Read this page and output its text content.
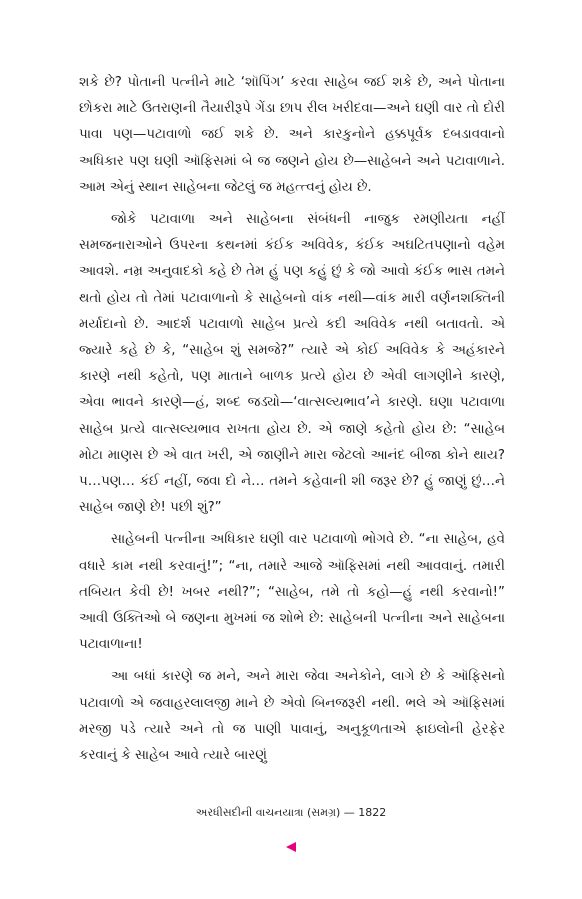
શકે છે? પોતાની પત્નીને માટે ‘શૉપિંગ’ કરવા સાહેબ જઈ શકે છે, અને પોતાના છોકરા માટે ઉતરાણની તૈયારીરૂપે ગેંડા છાપ રીલ ખરીદવા—અને ઘણી વાર તો દોરી પાવા પણ—પટાવાળો જઈ શકે છે. અને કારકુનોને હક્કપૂર્વક દબડાવવાનો અધિકાર પણ ઘણી ઑફિસમાં બે જ જણને હોય છે—સાહેબને અને પટાવાળાને. આમ એનું સ્થાન સાહેબના જેટલું જ મહત્ત્વનું હોય છે.

જોકે પટાવાળા અને સાહેબના સંબંધની નાજુક રમણીયતા નહીં સમજનારાઓને ઉપરના કથનમાં કંઈક અવિવેક, કંઈક અઘટિતપણાનો વહેમ આવશે. નમ્ર અનુવાદકો કહે છે તેમ હું પણ કહું છું કે જો આવો કંઈક ભાસ તમને થતો હોય તો તેમાં પટાવાળાનો કે સાહેબનો વાંક નથી—વાંક મારી વર્ણનશક્તિની મર્યાદાનો છે. આદર્શ પટાવાળો સાહેબ પ્રત્યે કદી અવિવેક નથી બતાવતો. એ જ્યારે કહે છે કે, “સાહેબ શું સમજે?” ત્યારે એ કોઈ અવિવેક કે અહંકારને કારણે નથી કહેતો, પણ માતાને બાળક પ્રત્યે હોય છે એવી લાગણીને કારણે, એવા ભાવને કારણે—હં, શબ્દ જડ્યો—‘વાત્સલ્યભાવ’ને કારણે. ઘણા પટાવાળા સાહેબ પ્રત્યે વાત્સલ્યભાવ રાખતા હોય છે. એ જાણે કહેતો હોય છે: “સાહેબ મોટા માણસ છે એ વાત ખરી, એ જાણીને મારા જેટલો આનંદ બીજા કોને થાય? પ…પણ… કંઈ નહીં, જવા દો ને… તમને કહેવાની શી જરૂર છે? હું જાણું છું…ને સાહેબ જાણે છે! પછી શું?”

સાહેબની પત્નીના અધિકાર ઘણી વાર પટાવાળો ભોગવે છે. “ના સાહેબ, હવે વધારે કામ નથી કરવાનું!”; “ના, તમારે આજે ઑફિસમાં નથી આવવાનું. તમારી તબિયત કેવી છે! ખબર નથી?”; “સાહેબ, તમે તો કહો—હું નથી કરવાનો!” આવી ઉક્તિઓ બે જણના મુખમાં જ શોભે છે: સાહેબની પત્નીના અને સાહેબના પટાવાળાના!

આ બધાં કારણે જ મને, અને મારા જેવા અનેકોને, લાગે છે કે ઑફિસનો પટાવાળો એ જવાહરલાલજી માને છે એવો બિનજરૂરી નથી. ભલે એ ઑફિસમાં મરજી પડે ત્યારે અને તો જ પાણી પાવાનું, અનુકૂળતાએ ફાઇલોની હેરફેર કરવાનું કે સાહેબ આવે ત્યારે બારણું

અરધીસદીની વાચનયાત્રા (સમગ્ર) — 1822
